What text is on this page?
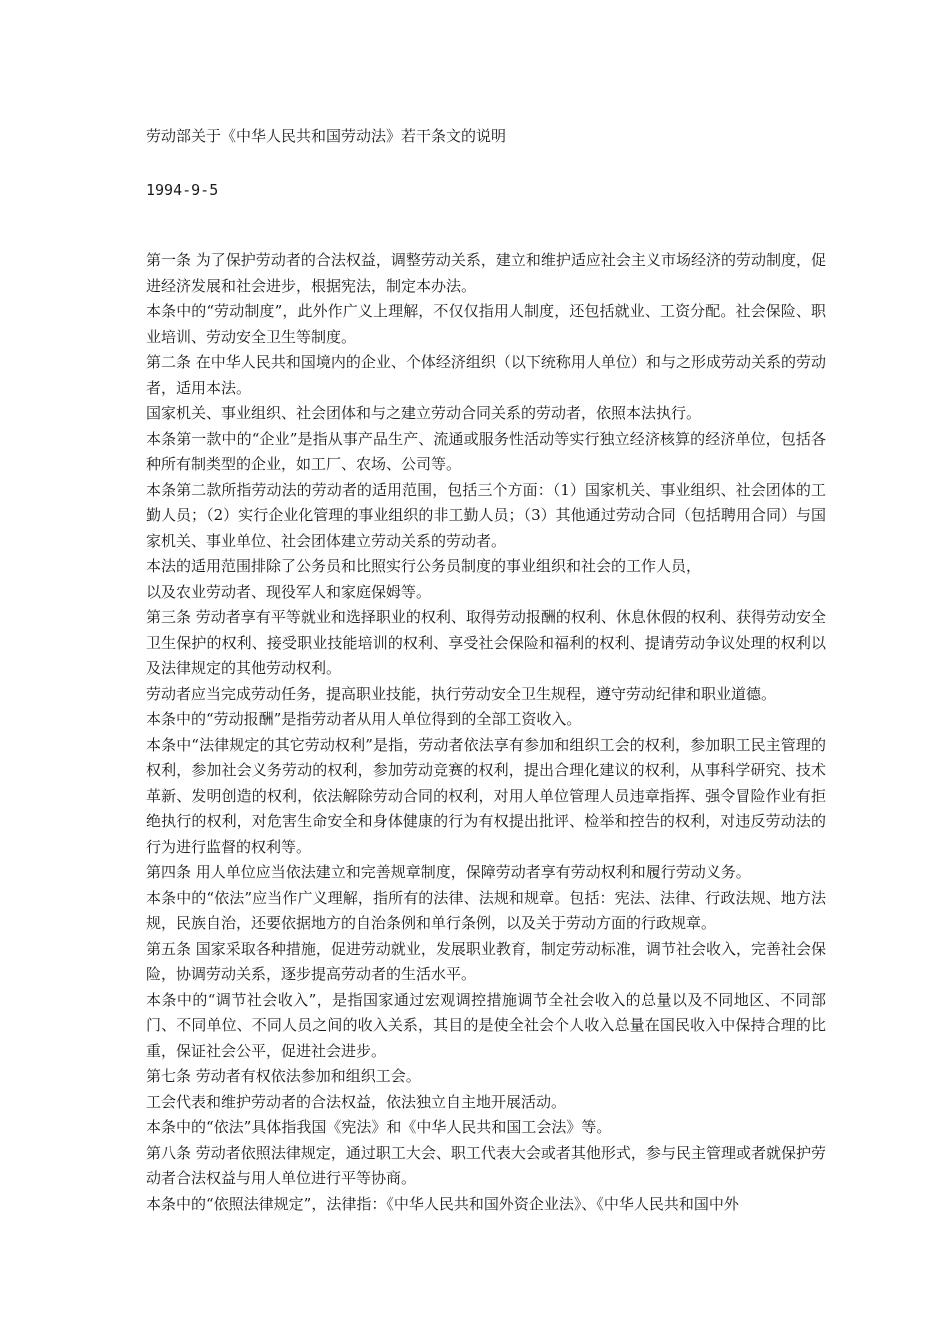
劳动部关于《中华人民共和国劳动法》若干条文的说明
1994-9-5

第一条 为了保护劳动者的合法权益，调整劳动关系，建立和维护适应社会主义市场经济的劳动制度，促进经济发展和社会进步，根据宪法，制定本办法。

本条中的“劳动制度”，此外作广义上理解，不仅仅指用人制度，还包括就业、工资分配。社会保险、职业培训、劳动安全卫生等制度。

第二条 在中华人民共和国境内的企业、个体经济组织（以下统称用人单位）和与之形成劳动关系的劳动者，适用本法。

国家机关、事业组织、社会团体和与之建立劳动合同关系的劳动者，依照本法执行。

本条第一款中的“企业”是指从事产品生产、流通或服务性活动等实行独立经济核算的经济单位，包括各种所有制类型的企业，如工厂、农场、公司等。

本条第二款所指劳动法的劳动者的适用范围，包括三个方面：（1）国家机关、事业组织、社会团体的工勤人员；（2）实行企业化管理的事业组织的非工勤人员；（3）其他通过劳动合同（包括聘用合同）与国家机关、事业单位、社会团体建立劳动关系的劳动者。

本法的适用范围排除了公务员和比照实行公务员制度的事业组织和社会的工作人员，

以及农业劳动者、现役军人和家庭保姆等。

第三条 劳动者享有平等就业和选择职业的权利、取得劳动报酬的权利、休息休假的权利、获得劳动安全卫生保护的权利、接受职业技能培训的权利、享受社会保险和福利的权利、提请劳动争议处理的权利以及法律规定的其他劳动权利。

劳动者应当完成劳动任务，提高职业技能，执行劳动安全卫生规程，遵守劳动纪律和职业道德。

本条中的“劳动报酬”是指劳动者从用人单位得到的全部工资收入。

本条中“法律规定的其它劳动权利”是指，劳动者依法享有参加和组织工会的权利，参加职工民主管理的权利，参加社会义务劳动的权利，参加劳动竞赛的权利，提出合理化建议的权利，从事科学研究、技术革新、发明创造的权利，依法解除劳动合同的权利，对用人单位管理人员违章指挥、强令冒险作业有拒绝执行的权利，对危害生命安全和身体健康的行为有权提出批评、检举和控告的权利，对违反劳动法的行为进行监督的权利等。

第四条 用人单位应当依法建立和完善规章制度，保障劳动者享有劳动权利和履行劳动义务。

本条中的“依法”应当作广义理解，指所有的法律、法规和规章。包括：宪法、法律、行政法规、地方法规，民族自治，还要依据地方的自治条例和单行条例，以及关于劳动方面的行政规章。

第五条 国家采取各种措施，促进劳动就业，发展职业教育，制定劳动标准，调节社会收入，完善社会保险，协调劳动关系，逐步提高劳动者的生活水平。

本条中的“调节社会收入”，是指国家通过宏观调控措施调节全社会收入的总量以及不同地区、不同部门、不同单位、不同人员之间的收入关系，其目的是使全社会个人收入总量在国民收入中保持合理的比重，保证社会公平，促进社会进步。

第七条 劳动者有权依法参加和组织工会。

工会代表和维护劳动者的合法权益，依法独立自主地开展活动。

本条中的“依法”具体指我国《宪法》和《中华人民共和国工会法》等。

第八条 劳动者依照法律规定，通过职工大会、职工代表大会或者其他形式，参与民主管理或者就保护劳动者合法权益与用人单位进行平等协商。

本条中的“依照法律规定”，法律指：《中华人民共和国外资企业法》、《中华人民共和国中外
